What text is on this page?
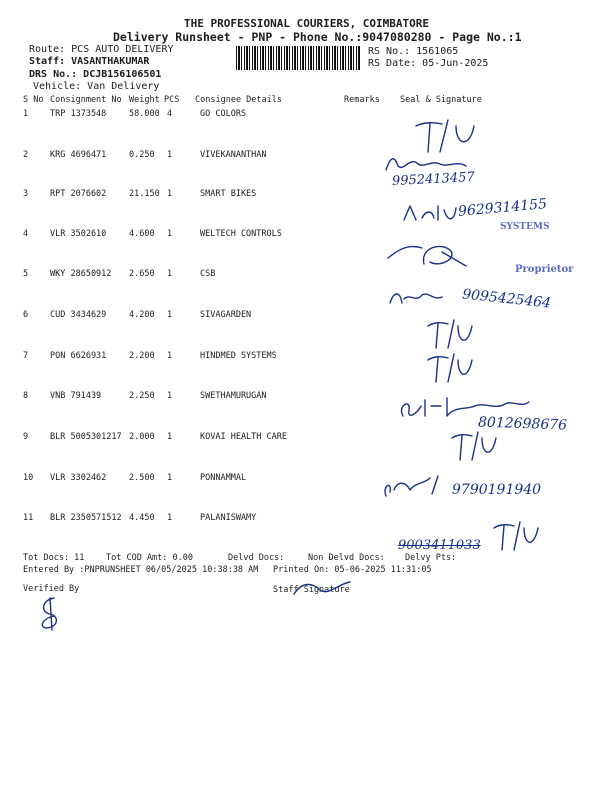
THE PROFESSIONAL COURIERS, COIMBATORE
Delivery Runsheet - PNP - Phone No.:9047080280 - Page No.:1
Route: PCS AUTO DELIVERY
Staff: VASANTHAKUMAR
DRS No.: DCJB156106501
Vehicle: Van Delivery
RS No.: 1561065
RS Date: 05-Jun-2025
S No Consignment No Weight PCS Consignee Details	Remarks Seal & Signature
1	TRP 1373548	58.000 4	GO COLORS
2	KRG 4696471	0.250 1	VIVEKANANTHAN
3	RPT 2076602	21.150 1	SMART BIKES
4	VLR 3502610	4.600 1	WELTECH CONTROLS
5	WKY 28650912 2.650 1	CSB
6	CUD 3434629	4.200 1	SIVAGARDEN
7	PON 6626931	2.200 1	HINDMED SYSTEMS
8	VNB 791439	2.250 1	SWETHAMURUGAN
9	BLR 5005301217 2.000 1	KOVAI HEALTH CARE
10 VLR 3302462	2.500 1	PONNAMMAL
11 BLR 2350571512 4.450 1	PALANISWAMY
9952413457
9629314155
SYSTEMS
Proprietor
9095425464
8012698676
9790191940
9003411033
Tot Docs: 11	Tot COD Amt: 0.00	Delvd Docs:	Non Delvd Docs: Delvy Pts:
Entered By :PNPRUNSHEET 06/05/2025 10:38:38 AM Printed On: 05-06-2025 11:31:05
Verified By	Staff Signature
